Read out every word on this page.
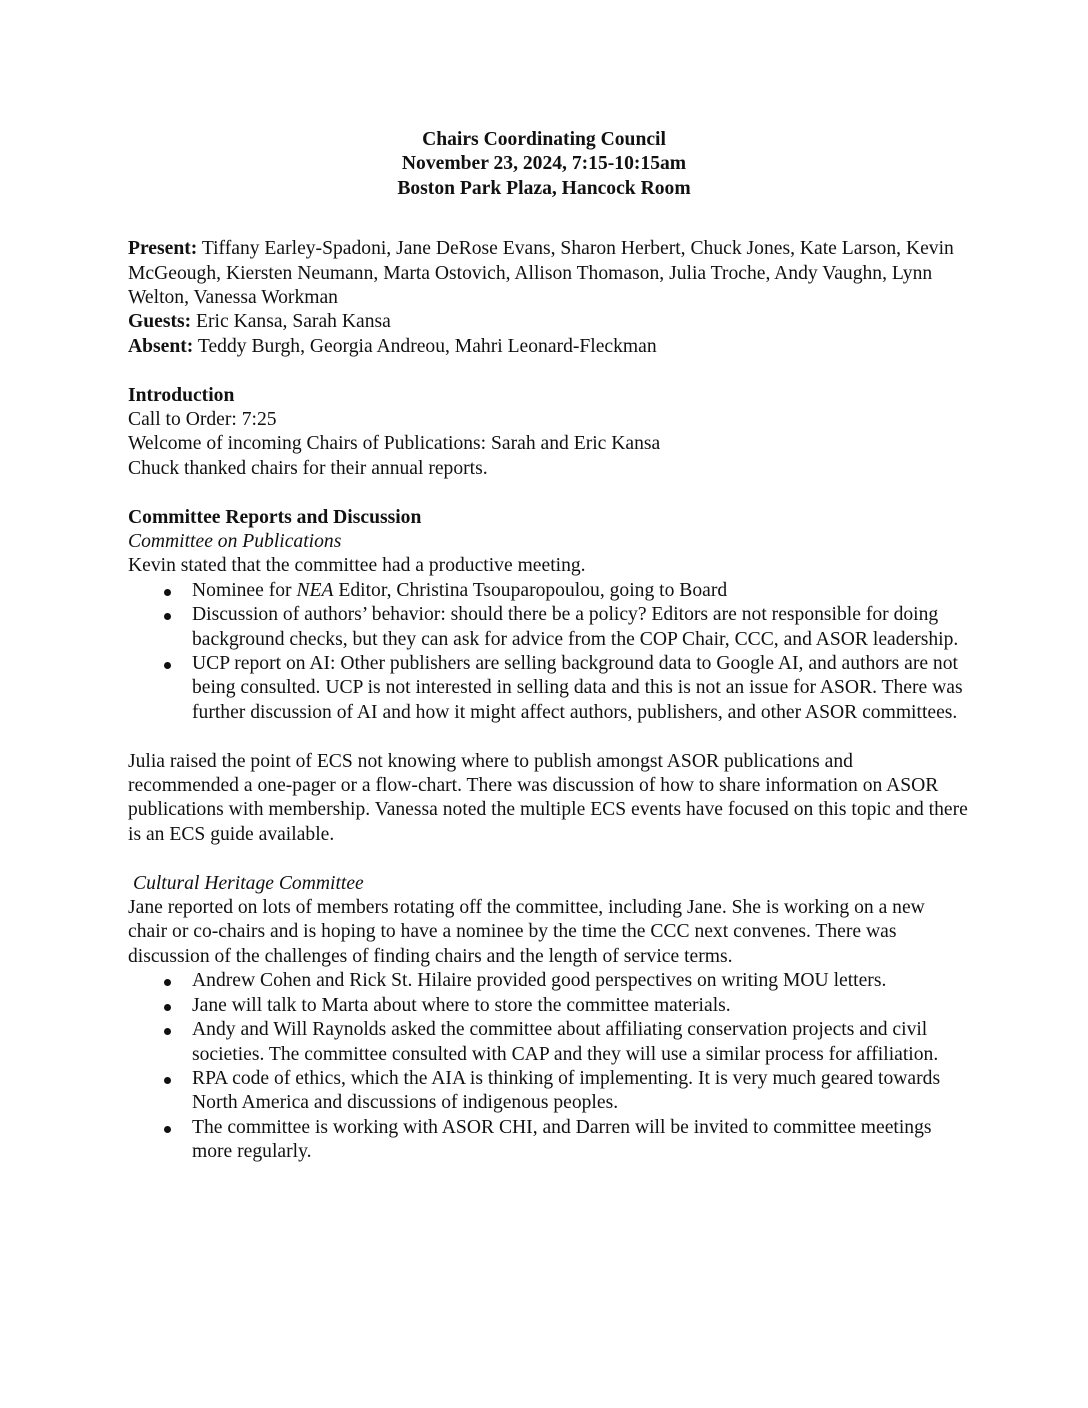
Chairs Coordinating Council
November 23, 2024, 7:15-10:15am
Boston Park Plaza, Hancock Room
Present: Tiffany Earley-Spadoni, Jane DeRose Evans, Sharon Herbert, Chuck Jones, Kate Larson, Kevin McGeough, Kiersten Neumann, Marta Ostovich, Allison Thomason, Julia Troche, Andy Vaughn, Lynn Welton, Vanessa Workman
Guests: Eric Kansa, Sarah Kansa
Absent: Teddy Burgh, Georgia Andreou, Mahri Leonard-Fleckman
Introduction
Call to Order: 7:25
Welcome of incoming Chairs of Publications: Sarah and Eric Kansa
Chuck thanked chairs for their annual reports.
Committee Reports and Discussion
Committee on Publications
Kevin stated that the committee had a productive meeting.
Nominee for NEA Editor, Christina Tsouparopoulou, going to Board
Discussion of authors’ behavior: should there be a policy? Editors are not responsible for doing background checks, but they can ask for advice from the COP Chair, CCC, and ASOR leadership.
UCP report on AI: Other publishers are selling background data to Google AI, and authors are not being consulted. UCP is not interested in selling data and this is not an issue for ASOR. There was further discussion of AI and how it might affect authors, publishers, and other ASOR committees.
Julia raised the point of ECS not knowing where to publish amongst ASOR publications and recommended a one-pager or a flow-chart. There was discussion of how to share information on ASOR publications with membership. Vanessa noted the multiple ECS events have focused on this topic and there is an ECS guide available.
Cultural Heritage Committee
Jane reported on lots of members rotating off the committee, including Jane. She is working on a new chair or co-chairs and is hoping to have a nominee by the time the CCC next convenes. There was discussion of the challenges of finding chairs and the length of service terms.
Andrew Cohen and Rick St. Hilaire provided good perspectives on writing MOU letters.
Jane will talk to Marta about where to store the committee materials.
Andy and Will Raynolds asked the committee about affiliating conservation projects and civil societies. The committee consulted with CAP and they will use a similar process for affiliation.
RPA code of ethics, which the AIA is thinking of implementing. It is very much geared towards North America and discussions of indigenous peoples.
The committee is working with ASOR CHI, and Darren will be invited to committee meetings more regularly.
